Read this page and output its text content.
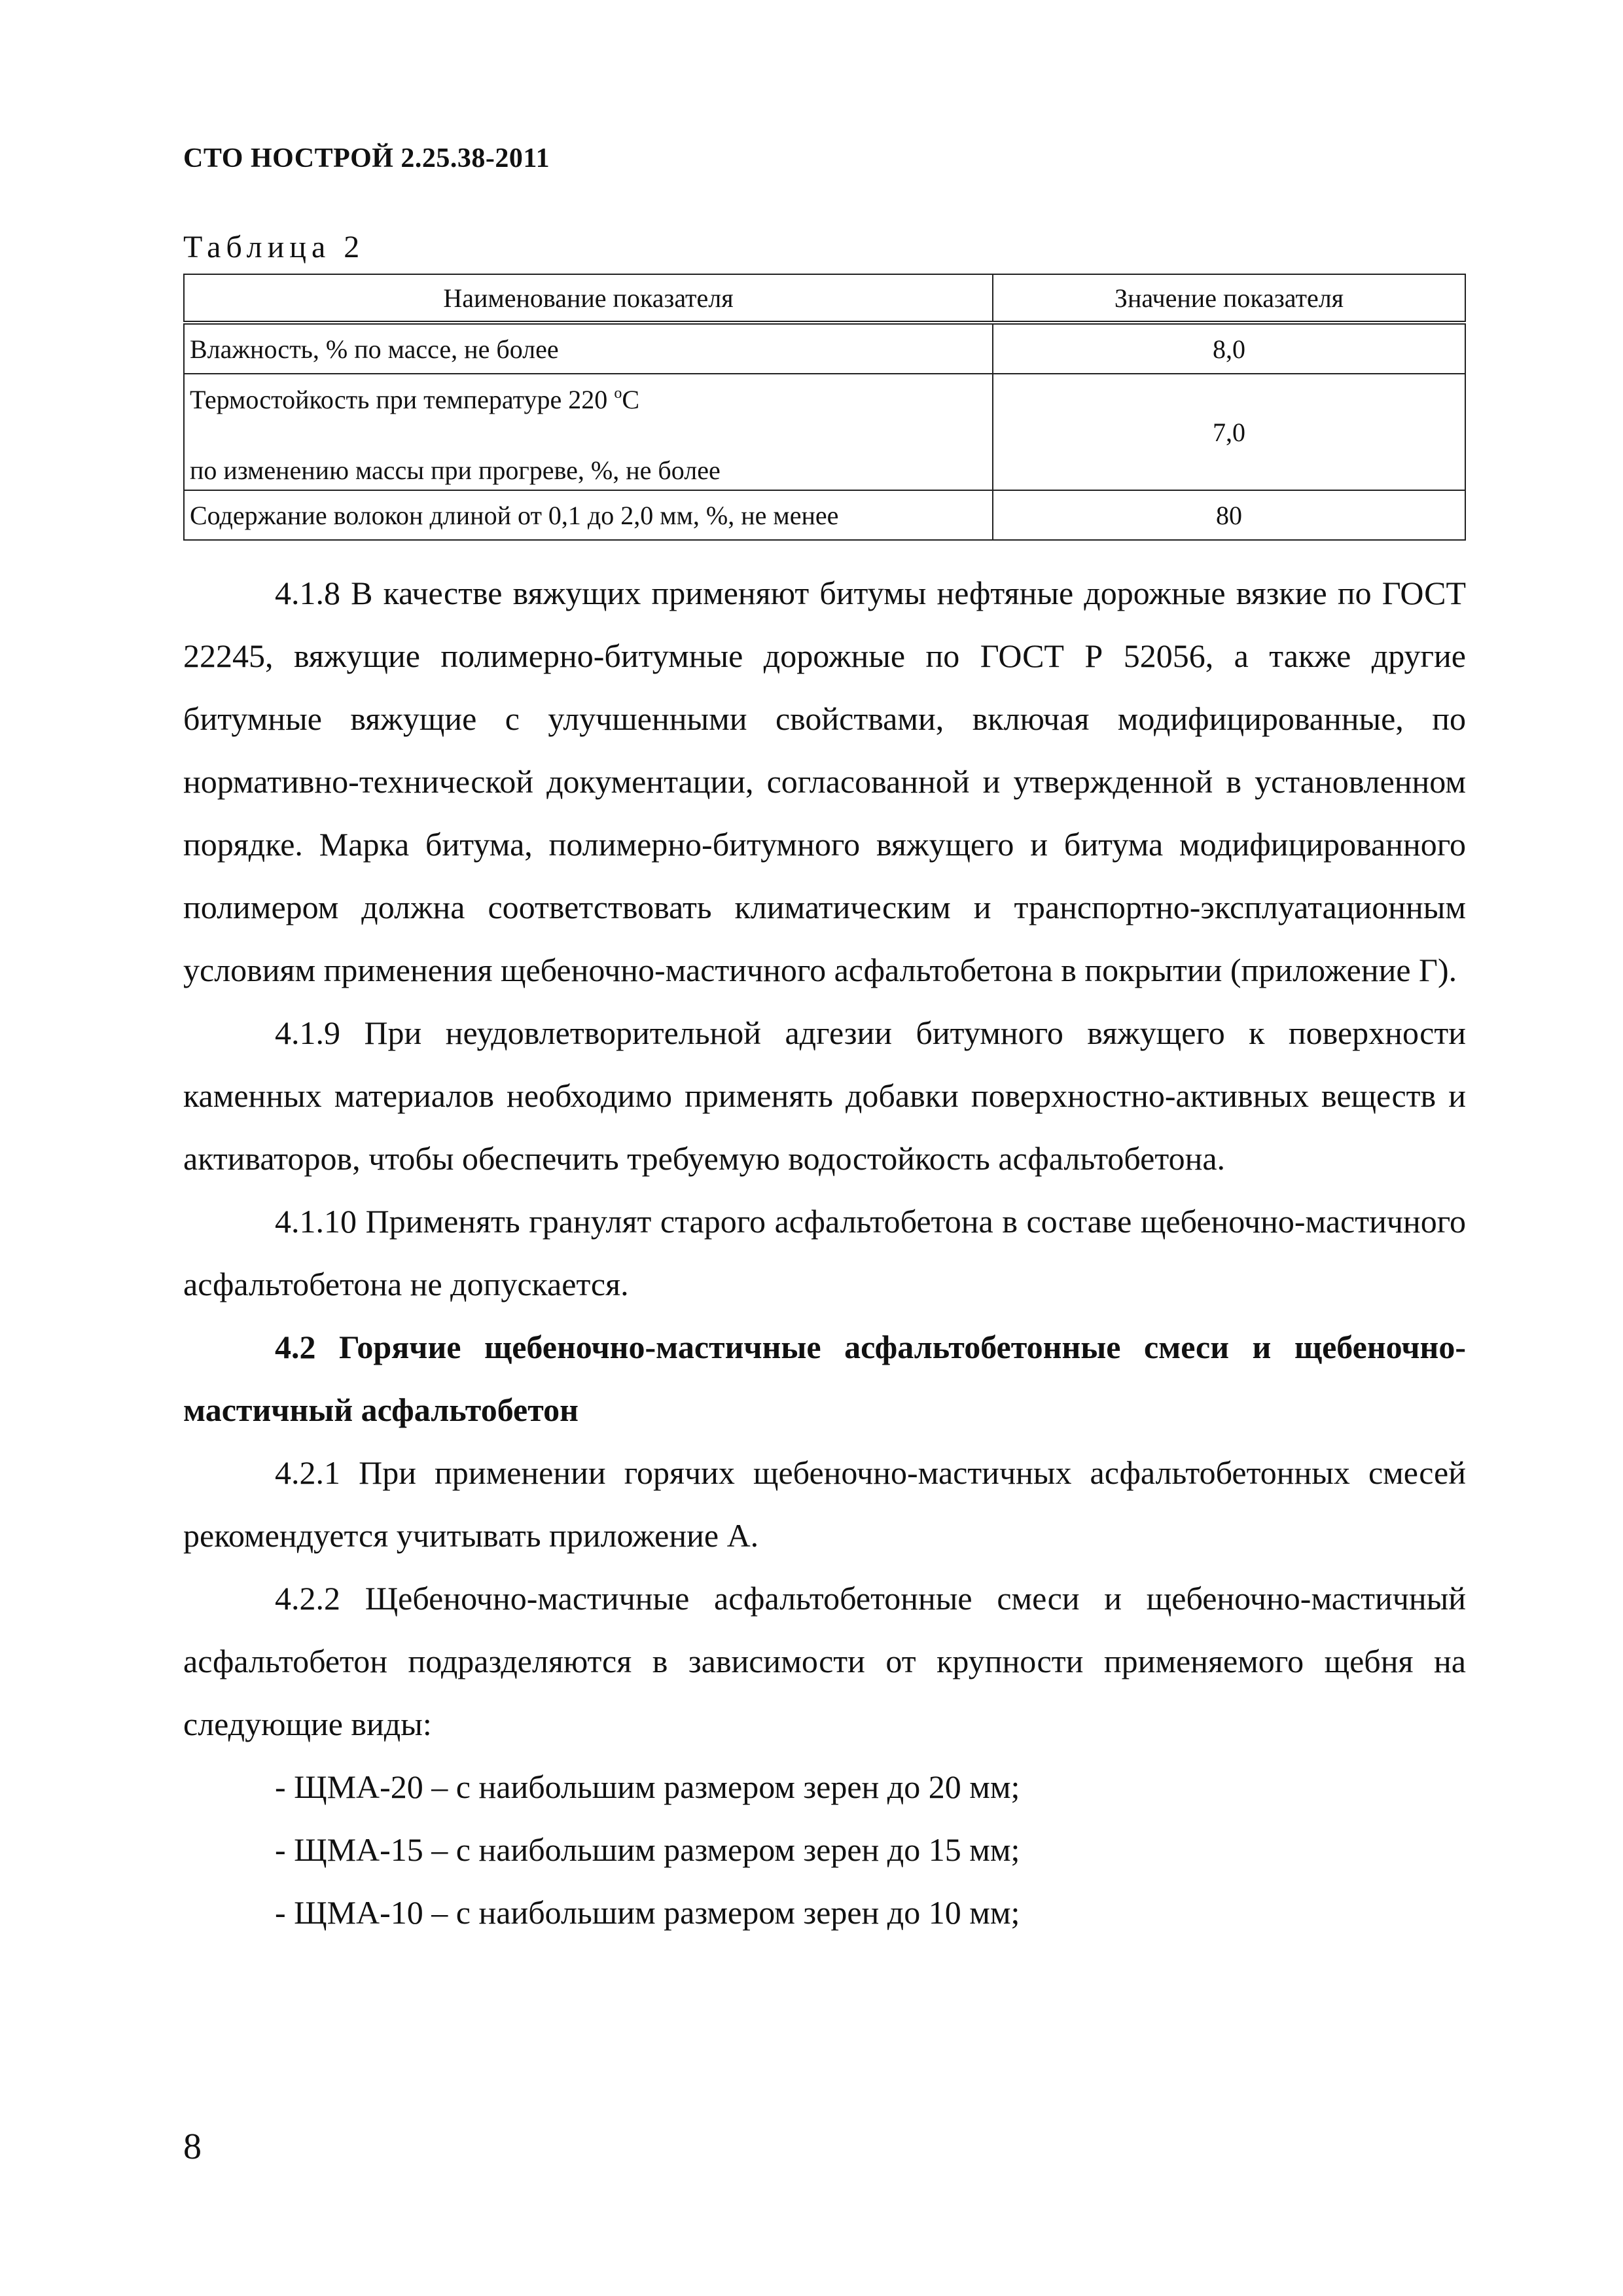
СТО НОСТРОЙ 2.25.38-2011
Таблица 2
Наименование показателя	Значение показателя
Влажность, % по массе, не более	8,0

Термостойкость при температуре 220 $^o$C
по изменению массы при прогреве, %, не более	7,0
Содержание волокон длиной от 0,1 до 2,0 мм, %, не менее	80

4.1.8 В качестве вяжущих применяют битумы нефтяные дорожные вязкие по ГОСТ 22245, вяжущие полимерно-битумные дорожные по ГОСТ Р 52056, а также другие битумные вяжущие с улучшенными свойствами, включая модифицированные, по нормативно-технической документации, согласованной и утвержденной в установленном порядке. Марка битума, полимерно-битумного вяжущего и битума модифицированного полимером должна соответствовать климатическим и транспортно-эксплуатационным условиям применения щебеночно-мастичного асфальтобетона в покрытии (приложение Г).

4.1.9 При неудовлетворительной адгезии битумного вяжущего к поверхности каменных материалов необходимо применять добавки поверхностно-активных веществ и активаторов, чтобы обеспечить требуемую водостойкость асфальтобетона.

4.1.10 Применять гранулят старого асфальтобетона в составе щебеночно-мастичного асфальтобетона не допускается.

4.2 Горячие щебеночно-мастичные асфальтобетонные смеси и щебеночно-мастичный асфальтобетон

4.2.1 При применении горячих щебеночно-мастичных асфальтобетонных смесей рекомендуется учитывать приложение А.

4.2.2 Щебеночно-мастичные асфальтобетонные смеси и щебеночно-мастичный асфальтобетон подразделяются в зависимости от крупности применяемого щебня на следующие виды:

- ЩМА-20 – с наибольшим размером зерен до 20 мм;

- ЩМА-15 – с наибольшим размером зерен до 15 мм;

- ЩМА-10 – с наибольшим размером зерен до 10 мм;

8
